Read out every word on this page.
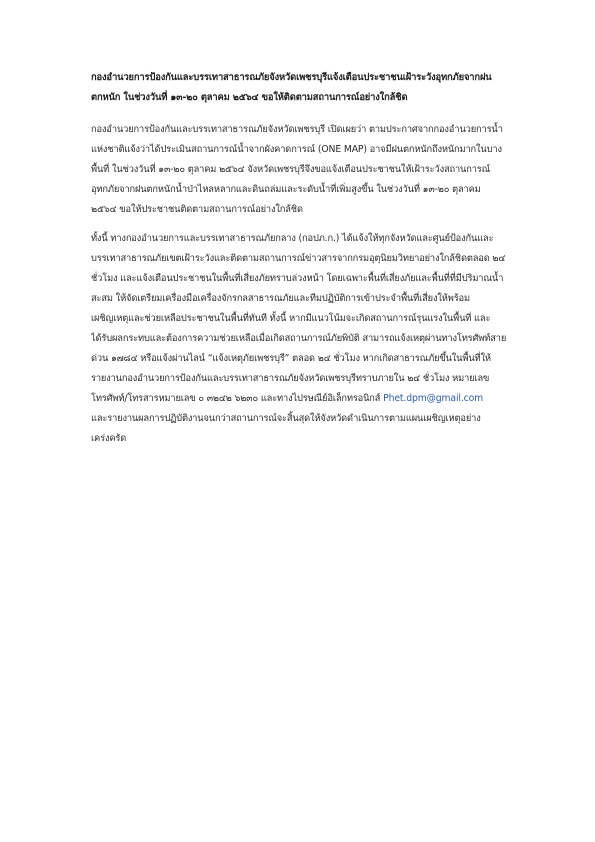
กองอำนวยการป้องกันและบรรเทาสาธารณภัยจังหวัดเพชรบุรีแจ้งเตือนประชาชนเฝ้าระวังอุทกภัยจากฝน
ตกหนัก ในช่วงวันที่ ๑๓-๒๐ ตุลาคม ๒๕๖๔ ขอให้ติดตามสถานการณ์อย่างใกล้ชิด
กองอำนวยการป้องกันและบรรเทาสาธารณภัยจังหวัดเพชรบุรี เปิดเผยว่า ตามประกาศจากกองอำนวยการน้ำ
แห่งชาติแจ้งว่าได้ประเมินสถานการณ์น้ำจากผังคาดการณ์ (ONE MAP) อาจมีฝนตกหนักถึงหนักมากในบาง
พื้นที่ ในช่วงวันที่ ๑๓-๒๐ ตุลาคม ๒๕๖๔ จังหวัดเพชรบุรีจึงขอแจ้งเตือนประชาชนให้เฝ้าระวังสถานการณ์
อุทกภัยจากฝนตกหนักน้ำป่าไหลหลากและดินถล่มและระดับน้ำที่เพิ่มสูงขึ้น ในช่วงวันที่ ๑๓-๒๐ ตุลาคม
๒๕๖๔ ขอให้ประชาชนติดตามสถานการณ์อย่างใกล้ชิด
ทั้งนี้ ทางกองอำนวยการและบรรเทาสาธารณภัยกลาง (กอปภ.ก.) ได้แจ้งให้ทุกจังหวัดและศูนย์ป้องกันและ
บรรเทาสาธารณภัยเขตเฝ้าระวังและติดตามสถานการณ์ข่าวสารจากกรมอุตุนิยมวิทยาอย่างใกล้ชิดตลอด ๒๔
ชั่วโมง และแจ้งเตือนประชาชนในพื้นที่เสี่ยงภัยทราบล่วงหน้า โดยเฉพาะพื้นที่เสี่ยงภัยและพื้นที่ที่มีปริมาณน้ำ
สะสม ให้จัดเตรียมเครื่องมือเครื่องจักรกลสาธารณภัยและทีมปฏิบัติการเข้าประจำพื้นที่เสี่ยงให้พร้อม
เผชิญเหตุและช่วยเหลือประชาชนในพื้นที่ทันที ทั้งนี้ หากมีแนวโน้มจะเกิดสถานการณ์รุนแรงในพื้นที่ และ
ได้รับผลกระทบและต้องการความช่วยเหลือเมื่อเกิดสถานการณ์ภัยพิบัติ สามารถแจ้งเหตุผ่านทางโทรศัพท์สาย
ด่วน ๑๗๘๔ หรือแจ้งผ่านไลน์ “แจ้งเหตุภัยเพชรบุรี” ตลอด ๒๔ ชั่วโมง หากเกิดสาธารณภัยขึ้นในพื้นที่ให้
รายงานกองอำนวยการป้องกันและบรรเทาสาธารณภัยจังหวัดเพชรบุรีทราบภายใน ๒๔ ชั่วโมง หมายเลข
โทรศัพท์/โทรสารหมายเลข ๐ ๓๒๔๒ ๖๒๓๐ และทางไปรษณีย์อิเล็กทรอนิกส์ Phet.dpm@gmail.com
และรายงานผลการปฏิบัติงานจนกว่าสถานการณ์จะสิ้นสุดให้จังหวัดดำเนินการตามแผนเผชิญเหตุอย่าง
เคร่งครัด
